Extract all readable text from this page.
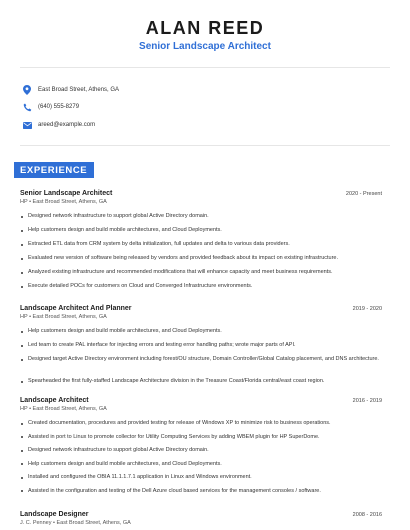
ALAN REED
Senior Landscape Architect
East Broad Street, Athens, GA
(640) 555-8279
areed@example.com
EXPERIENCE
Senior Landscape Architect	2020 - Present
HP • East Broad Street, Athens, GA
Designed network infrastructure to support global Active Directory domain.
Help customers design and build mobile architectures, and Cloud Deployments.
Extracted ETL data from CRM system by delta initialization, full updates and delta to various data providers.
Evaluated new version of software being released by vendors and provided feedback about its impact on existing infrastructure.
Analyzed existing infrastructure and recommended modifications that will enhance capacity and meet business requirements.
Execute detailed POCs for customers on Cloud and Converged Infrastructure environments.
Landscape Architect And Planner	2019 - 2020
HP • East Broad Street, Athens, GA
Help customers design and build mobile architectures, and Cloud Deployments.
Led team to create PAL interface for injecting errors and testing error handling paths; wrote major parts of API.
Designed target Active Directory environment including forest/OU structure, Domain Controller/Global Catalog placement, and DNS architecture.
Spearheaded the first fully-staffed Landscape Architecture division in the Treasure Coast/Florida central/east coast region.
Landscape Architect	2016 - 2019
HP • East Broad Street, Athens, GA
Created documentation, procedures and provided testing for release of Windows XP to minimize risk to business operations.
Assisted in port to Linux to promote collector for Utility Computing Services by adding WBEM plugin for HP SuperDome.
Designed network infrastructure to support global Active Directory domain.
Help customers design and build mobile architectures, and Cloud Deployments.
Installed and configured the OBIA 11.1.1.7.1 application in Linux and Windows environment.
Assisted in the configuration and testing of the Dell Azure cloud based services for the management consoles / software.
Landscape Designer	2008 - 2016
J. C. Penney • East Broad Street, Athens, GA
